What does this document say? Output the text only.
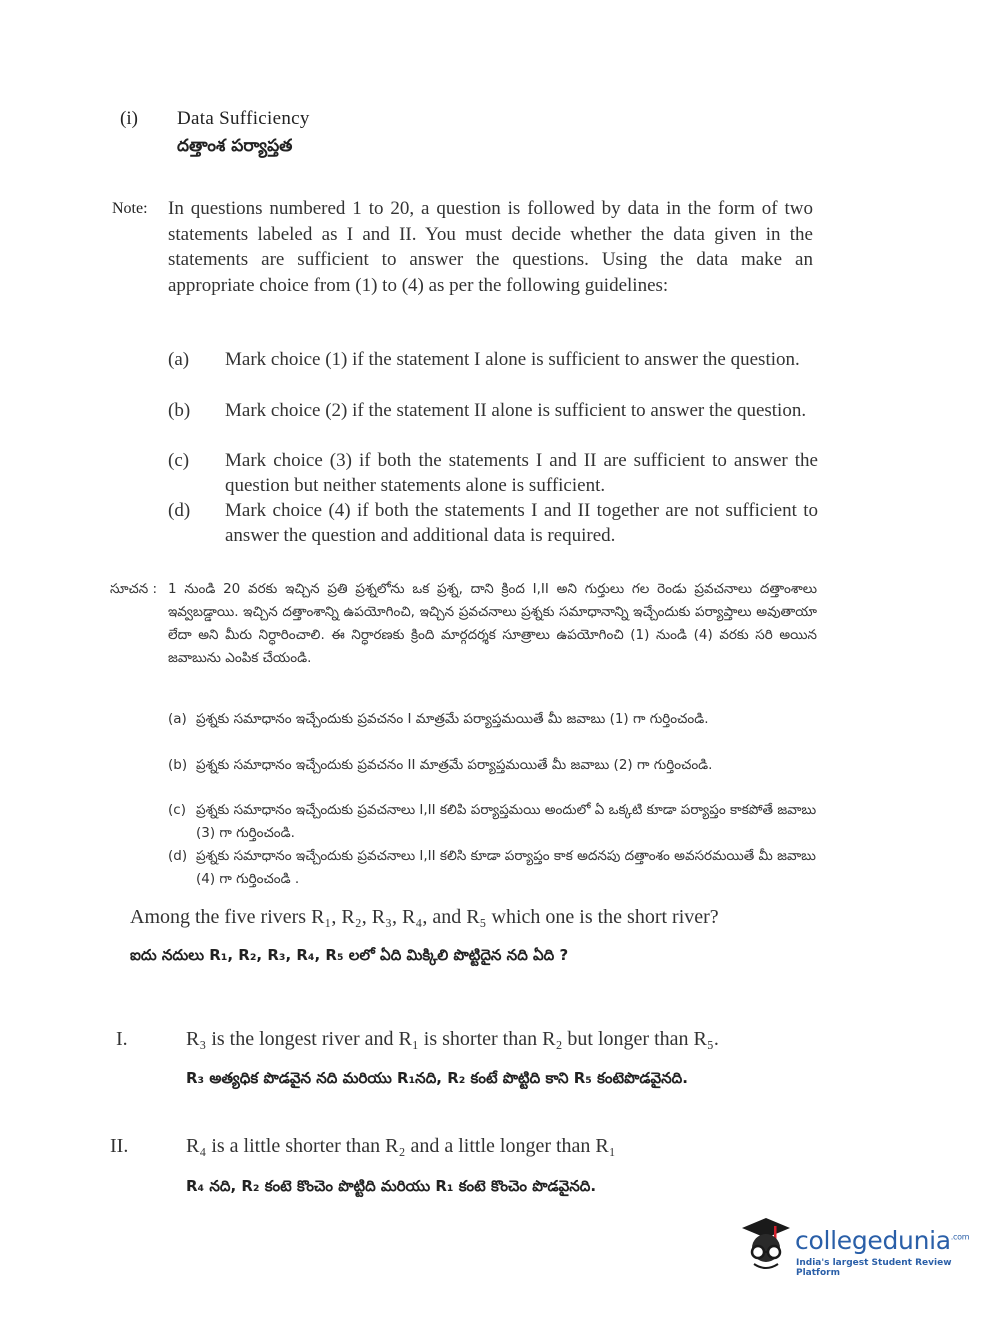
(i) Data Sufficiency
దత్తాంశ పర్యాప్తత
Note: In questions numbered 1 to 20, a question is followed by data in the form of two statements labeled as I and II. You must decide whether the data given in the statements are sufficient to answer the questions. Using the data make an appropriate choice from (1) to (4) as per the following guidelines:
(a) Mark choice (1) if the statement I alone is sufficient to answer the question.
(b) Mark choice (2) if the statement II alone is sufficient to answer the question.
(c) Mark choice (3) if both the statements I and II are sufficient to answer the question but neither statements alone is sufficient.
(d) Mark choice (4) if both the statements I and II together are not sufficient to answer the question and additional data is required.
సూచన : 1 నుండి 20 వరకు ఇచ్చిన ప్రతి ప్రశ్నలోను ఒక ప్రశ్న, దాని క్రింద I,II అని గుర్తులు గల రెండు ప్రవచనాలు దత్తాంశాలు ఇవ్వబడ్డాయి. ఇచ్చిన దత్తాంశాన్ని ఉపయోగించి, ఇచ్చిన ప్రవచనాలు ప్రశ్నకు సమాధానాన్ని ఇచ్చేందుకు పర్యాప్తాలు అవుతాయా లేదా అని మీరు నిర్ధారించాలి. ఈ నిర్ధారణకు క్రింది మార్గదర్శక సూత్రాలు ఉపయోగించి (1) నుండి (4) వరకు సరి అయిన జవాబును ఎంపిక చేయండి.
(a) ప్రశ్నకు సమాధానం ఇచ్చేందుకు ప్రవచనం I మాత్రమే పర్యాప్తమయితే మీ జవాబు (1) గా గుర్తించండి.
(b) ప్రశ్నకు సమాధానం ఇచ్చేందుకు ప్రవచనం II మాత్రమే పర్యాప్తమయితే మీ జవాబు (2) గా గుర్తించండి.
(c) ప్రశ్నకు సమాధానం ఇచ్చేందుకు ప్రవచనాలు I,II కలిపి పర్యాప్తమయి అందులో ఏ ఒక్కటి కూడా పర్యాప్తం కాకపోతే జవాబు (3) గా గుర్తించండి.
(d) ప్రశ్నకు సమాధానం ఇచ్చేందుకు ప్రవచనాలు I,II కలిసి కూడా పర్యాప్తం కాక అదనపు దత్తాంశం అవసరమయితే మీ జవాబు (4) గా గుర్తించండి .
Among the five rivers R₁, R₂, R₃, R₄, and R₅ which one is the short river?
ఐదు నదులు R₁, R₂, R₃, R₄, R₅ లలో ఏది మిక్కిలి పొట్టిదైన నది ఏది ?
I.	R₃ is the longest river and R₁ is shorter than R₂ but longer than R₅.
R₃ అత్యధిక పొడవైన నది మరియు R₁నది, R₂ కంటే పొట్టిది కాని R₅ కంటెపొడవైనది.
II.	R₄ is a little shorter than R₂ and a little longer than R₁
R₄ నది, R₂ కంటె కొంచెం పొట్టిది మరియు R₁ కంటె కొంచెం పొడవైనది.
collegedunia$^{.com}$
India's largest Student Review Platform
